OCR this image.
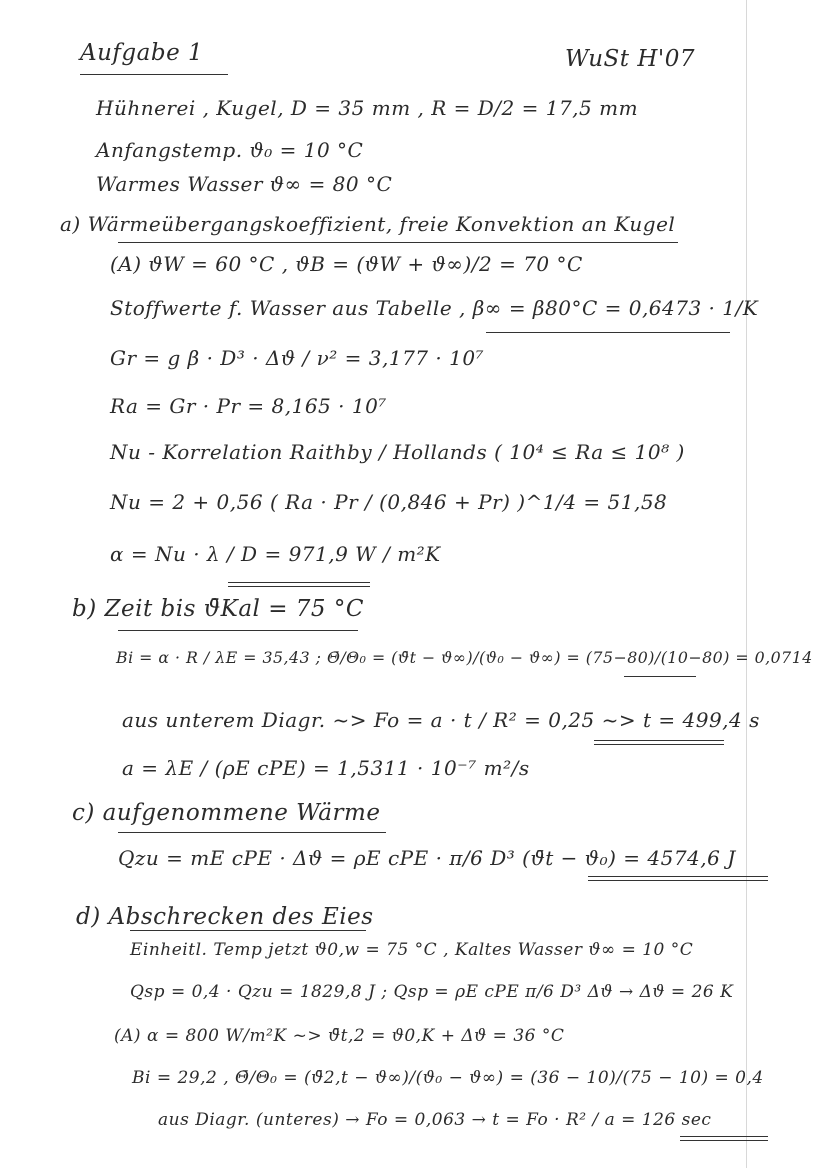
Aufgabe 1	WuSt H'07
Hühnerei , Kugel, D = 35 mm , R = D/2 = 17,5 mm
Anfangstemp. ϑ₀ = 10 °C
Warmes Wasser ϑ∞ = 80 °C
a) Wärmeübergangskoeffizient, freie Konvektion an Kugel
(A) ϑW = 60 °C , ϑB = (ϑW + ϑ∞)/2 = 70 °C
Stoffwerte f. Wasser aus Tabelle , β∞ = β80°C = 0,6473 · 1/K
Gr = g β · D³ · Δϑ / ν² = 3,177 · 10⁷
Ra = Gr · Pr = 8,165 · 10⁷
Nu - Korrelation Raithby / Hollands ( 10⁴ ≤ Ra ≤ 10⁸ )
Nu = 2 + 0,56 ( Ra · Pr / (0,846 + Pr) )^1/4 = 51,58
α = Nu · λ / D = 971,9 W / m²K
b) Zeit bis ϑ̄Kal = 75 °C
Bi = α · R / λE = 35,43 ; Θ̄/Θ₀ = (ϑ̄t − ϑ∞)/(ϑ₀ − ϑ∞) = (75−80)/(10−80) = 0,0714
aus unterem Diagr. ~> Fo = a · t / R² = 0,25 ~> t = 499,4 s
a = λE / (ρE cPE) = 1,5311 · 10⁻⁷ m²/s
c) aufgenommene Wärme
Qzu = mE cPE · Δϑ = ρE cPE · π/6 D³ (ϑ̄t − ϑ₀) = 4574,6 J
d) Abschrecken des Eies
Einheitl. Temp jetzt ϑ0,w = 75 °C , Kaltes Wasser ϑ∞ = 10 °C
Qsp = 0,4 · Qzu = 1829,8 J ; Qsp = ρE cPE π/6 D³ Δϑ → Δϑ = 26 K
(A) α = 800 W/m²K ~> ϑ̄t,2 = ϑ0,K + Δϑ = 36 °C
Bi = 29,2 , Θ̄/Θ₀ = (ϑ̄2,t − ϑ∞)/(ϑ₀ − ϑ∞) = (36 − 10)/(75 − 10) = 0,4
aus Diagr. (unteres) → Fo = 0,063 → t = Fo · R² / a = 126 sec
